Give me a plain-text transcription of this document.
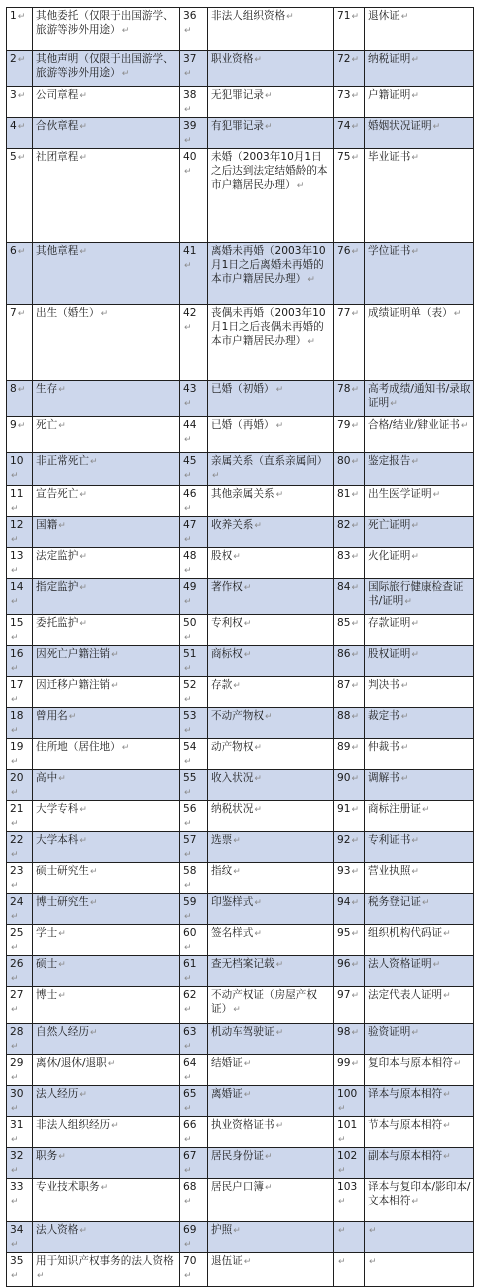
1↵	其他委托（仅限于出国游学、旅游等涉外用途）↵	36↵	非法人组织资格↵	71↵	退休证↵
2↵	其他声明（仅限于出国游学、旅游等涉外用途）↵	37↵	职业资格↵	72↵	纳税证明↵
3↵	公司章程↵	38↵	无犯罪记录↵	73↵	户籍证明↵
4↵	合伙章程↵	39↵	有犯罪记录↵	74↵	婚姻状况证明↵
5↵	社团章程↵	40↵	未婚（2003年10月1日之后达到法定结婚龄的本市户籍居民办理）↵	75↵	毕业证书↵
6↵	其他章程↵	41↵	离婚未再婚（2003年10月1日之后离婚未再婚的本市户籍居民办理）↵	76↵	学位证书↵
7↵	出生（婚生）↵	42↵	丧偶未再婚（2003年10月1日之后丧偶未再婚的本市户籍居民办理）↵	77↵	成绩证明单（表）↵
8↵	生存↵	43↵	已婚（初婚）↵	78↵	高考成绩/通知书/录取证明↵
9↵	死亡↵	44↵	已婚（再婚）↵	79↵	合格/结业/肄业证书↵
10↵	非正常死亡↵	45↵	亲属关系（直系亲属间）↵	80↵	鉴定报告↵
11↵	宣告死亡↵	46↵	其他亲属关系↵	81↵	出生医学证明↵
12↵	国籍↵	47↵	收养关系↵	82↵	死亡证明↵
13↵	法定监护↵	48↵	股权↵	83↵	火化证明↵
14↵	指定监护↵	49↵	著作权↵	84↵	国际旅行健康检查证书/证明↵
15↵	委托监护↵	50↵	专利权↵	85↵	存款证明↵
16↵	因死亡户籍注销↵	51↵	商标权↵	86↵	股权证明↵
17↵	因迁移户籍注销↵	52↵	存款↵	87↵	判决书↵
18↵	曾用名↵	53↵	不动产物权↵	88↵	裁定书↵
19↵	住所地（居住地）↵	54↵	动产物权↵	89↵	仲裁书↵
20↵	高中↵	55↵	收入状况↵	90↵	调解书↵
21↵	大学专科↵	56↵	纳税状况↵	91↵	商标注册证↵
22↵	大学本科↵	57↵	选票↵	92↵	专利证书↵
23↵	硕士研究生↵	58↵	指纹↵	93↵	营业执照↵
24↵	博士研究生↵	59↵	印鉴样式↵	94↵	税务登记证↵
25↵	学士↵	60↵	签名样式↵	95↵	组织机构代码证↵
26↵	硕士↵	61↵	查无档案记载↵	96↵	法人资格证明↵
27↵	博士↵	62↵	不动产权证（房屋产权证）↵	97↵	法定代表人证明↵
28↵	自然人经历↵	63↵	机动车驾驶证↵	98↵	验资证明↵
29↵	离休/退休/退职↵	64↵	结婚证↵	99↵	复印本与原本相符↵
30↵	法人经历↵	65↵	离婚证↵	100↵	译本与原本相符↵
31↵	非法人组织经历↵	66↵	执业资格证书↵	101↵	节本与原本相符↵
32↵	职务↵	67↵	居民身份证↵	102↵	副本与原本相符↵
33↵	专业技术职务↵	68↵	居民户口簿↵	103↵	译本与复印本/影印本/文本相符↵
34↵	法人资格↵	69↵	护照↵	↵	↵
35↵	用于知识产权事务的法人资格↵	70↵	退伍证↵	↵	↵
